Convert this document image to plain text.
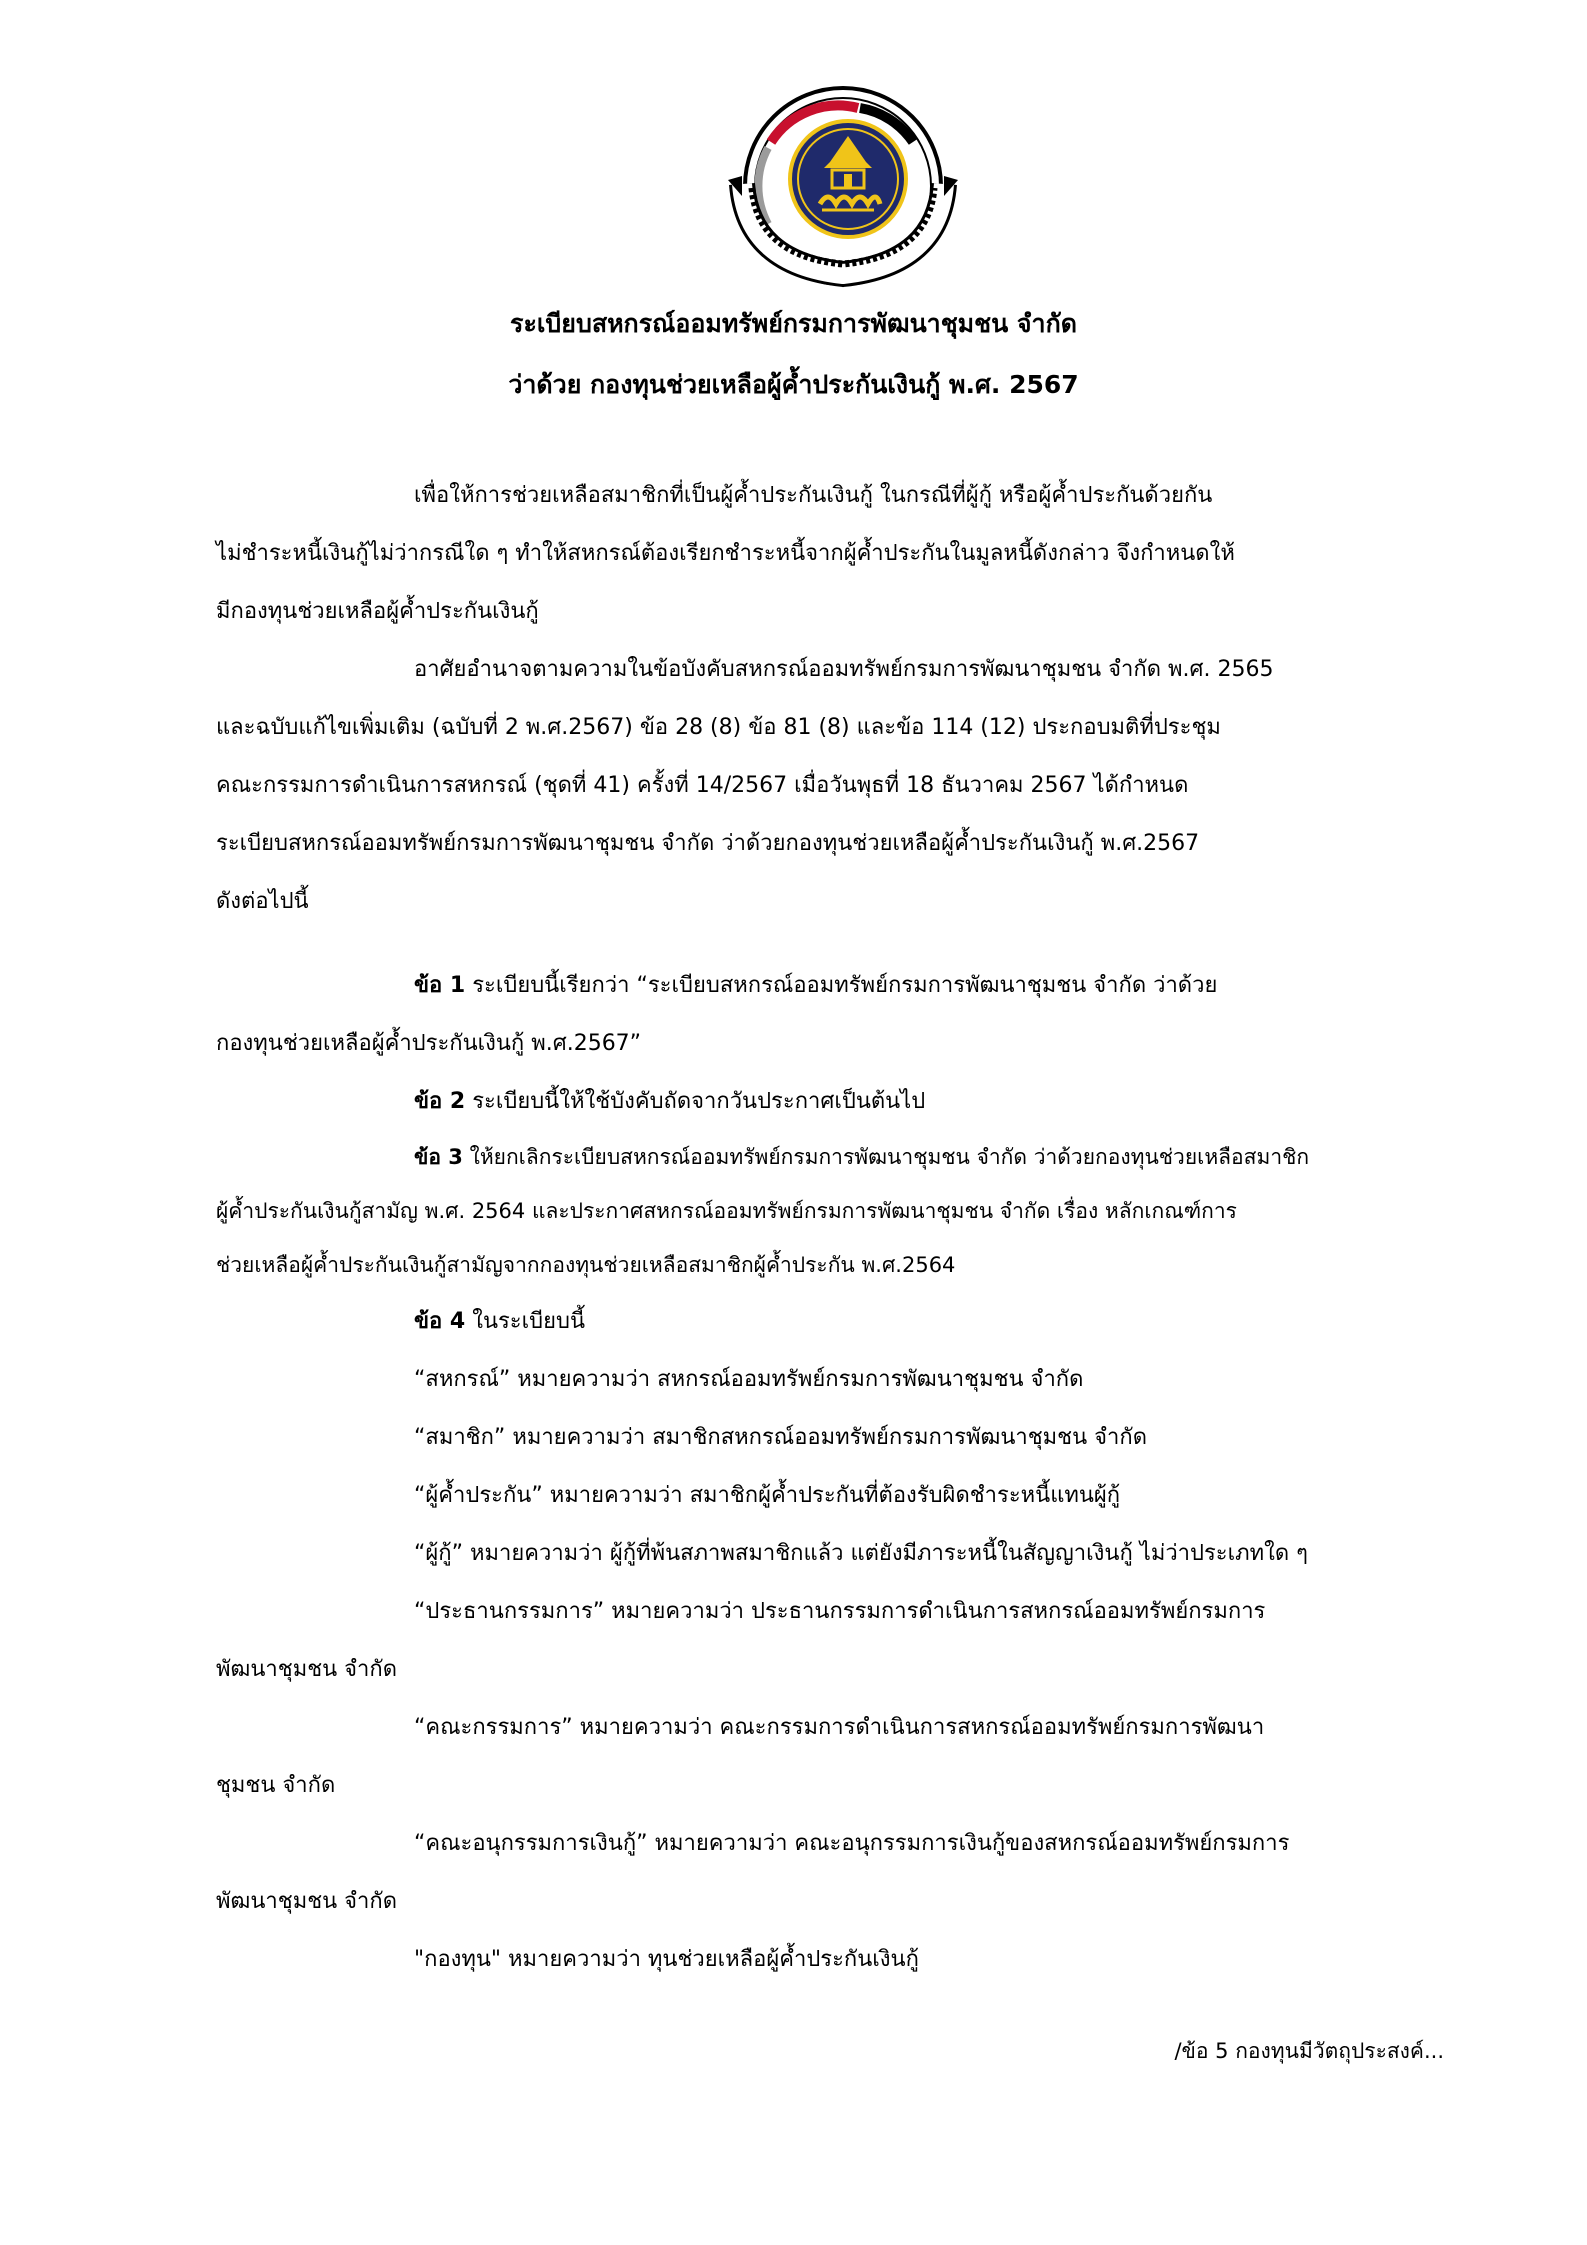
ระเบียบสหกรณ์ออมทรัพย์กรมการพัฒนาชุมชน จำกัด
ว่าด้วย กองทุนช่วยเหลือผู้ค้ำประกันเงินกู้ พ.ศ. 2567
เพื่อให้การช่วยเหลือสมาชิกที่เป็นผู้ค้ำประกันเงินกู้ ในกรณีที่ผู้กู้ หรือผู้ค้ำประกันด้วยกัน
ไม่ชำระหนี้เงินกู้ไม่ว่ากรณีใด ๆ ทำให้สหกรณ์ต้องเรียกชำระหนี้จากผู้ค้ำประกันในมูลหนี้ดังกล่าว จึงกำหนดให้
มีกองทุนช่วยเหลือผู้ค้ำประกันเงินกู้
อาศัยอำนาจตามความในข้อบังคับสหกรณ์ออมทรัพย์กรมการพัฒนาชุมชน จำกัด พ.ศ. 2565
และฉบับแก้ไขเพิ่มเติม (ฉบับที่ 2 พ.ศ.2567) ข้อ 28 (8) ข้อ 81 (8) และข้อ 114 (12) ประกอบมติที่ประชุม
คณะกรรมการดำเนินการสหกรณ์ (ชุดที่ 41) ครั้งที่ 14/2567 เมื่อวันพุธที่ 18 ธันวาคม 2567 ได้กำหนด
ระเบียบสหกรณ์ออมทรัพย์กรมการพัฒนาชุมชน จำกัด ว่าด้วยกองทุนช่วยเหลือผู้ค้ำประกันเงินกู้ พ.ศ.2567
ดังต่อไปนี้
ข้อ 1 ระเบียบนี้เรียกว่า “ระเบียบสหกรณ์ออมทรัพย์กรมการพัฒนาชุมชน จำกัด ว่าด้วย
กองทุนช่วยเหลือผู้ค้ำประกันเงินกู้ พ.ศ.2567”
ข้อ 2 ระเบียบนี้ให้ใช้บังคับถัดจากวันประกาศเป็นต้นไป
ข้อ 3 ให้ยกเลิกระเบียบสหกรณ์ออมทรัพย์กรมการพัฒนาชุมชน จำกัด ว่าด้วยกองทุนช่วยเหลือสมาชิก
ผู้ค้ำประกันเงินกู้สามัญ พ.ศ. 2564 และประกาศสหกรณ์ออมทรัพย์กรมการพัฒนาชุมชน จำกัด เรื่อง หลักเกณฑ์การ
ช่วยเหลือผู้ค้ำประกันเงินกู้สามัญจากกองทุนช่วยเหลือสมาชิกผู้ค้ำประกัน พ.ศ.2564
ข้อ 4 ในระเบียบนี้
“สหกรณ์” หมายความว่า สหกรณ์ออมทรัพย์กรมการพัฒนาชุมชน จำกัด
“สมาชิก” หมายความว่า สมาชิกสหกรณ์ออมทรัพย์กรมการพัฒนาชุมชน จำกัด
“ผู้ค้ำประกัน” หมายความว่า สมาชิกผู้ค้ำประกันที่ต้องรับผิดชำระหนี้แทนผู้กู้
“ผู้กู้” หมายความว่า ผู้กู้ที่พ้นสภาพสมาชิกแล้ว แต่ยังมีภาระหนี้ในสัญญาเงินกู้ ไม่ว่าประเภทใด ๆ
“ประธานกรรมการ” หมายความว่า ประธานกรรมการดำเนินการสหกรณ์ออมทรัพย์กรมการ
พัฒนาชุมชน จำกัด
“คณะกรรมการ” หมายความว่า คณะกรรมการดำเนินการสหกรณ์ออมทรัพย์กรมการพัฒนา
ชุมชน จำกัด
“คณะอนุกรรมการเงินกู้” หมายความว่า คณะอนุกรรมการเงินกู้ของสหกรณ์ออมทรัพย์กรมการ
พัฒนาชุมชน จำกัด
"กองทุน" หมายความว่า ทุนช่วยเหลือผู้ค้ำประกันเงินกู้
/ข้อ 5 กองทุนมีวัตถุประสงค์...
